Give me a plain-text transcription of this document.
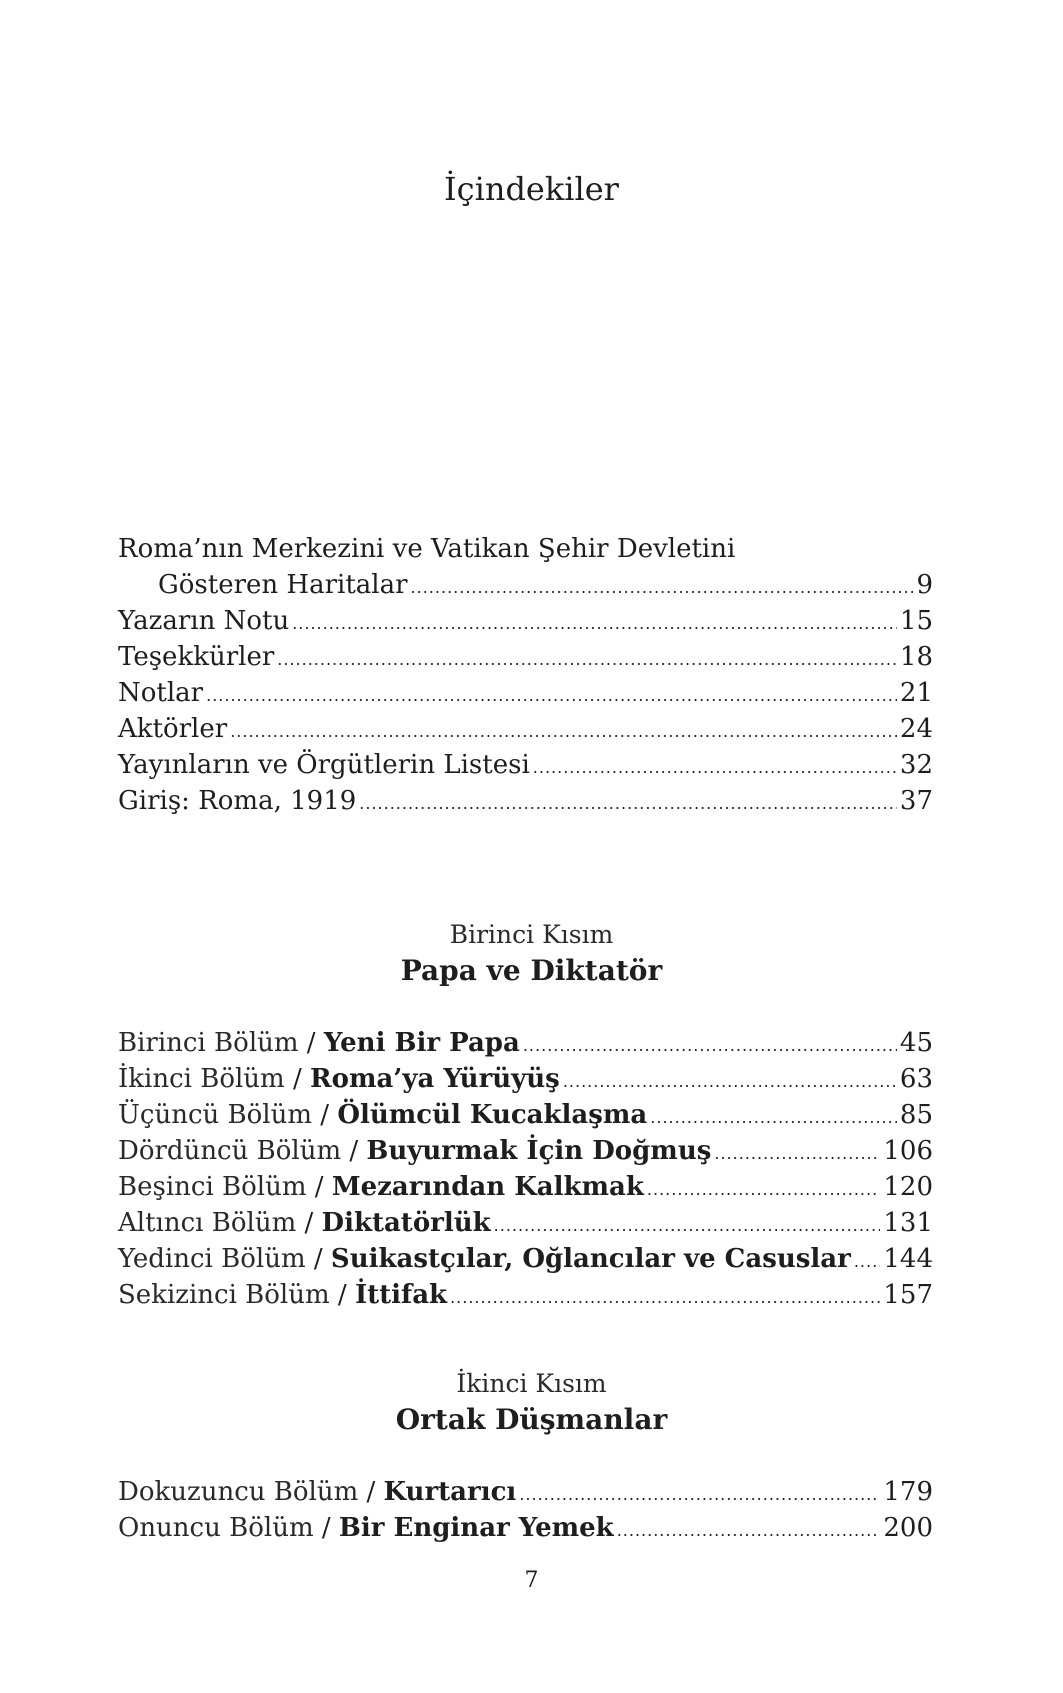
İçindekiler
Roma’nın Merkezini ve Vatikan Şehir Devletini
Gösteren Haritalar .....	9
Yazarın Notu .....	15
Teşekkürler .....	18
Notlar .....	21
Aktörler .....	24
Yayınların ve Örgütlerin Listesi .....	32
Giriş: Roma, 1919 .....	37
Birinci Kısım
Papa ve Diktatör
Birinci Bölüm / Yeni Bir Papa .....	45
İkinci Bölüm / Roma’ya Yürüyüş .....	63
Üçüncü Bölüm / Ölümcül Kucaklaşma .....	85
Dördüncü Bölüm / Buyurmak İçin Doğmuş .....	106
Beşinci Bölüm / Mezarından Kalkmak .....	120
Altıncı Bölüm / Diktatörlük .....	131
Yedinci Bölüm / Suikastçılar, Oğlancılar ve Casuslar ..... 144
Sekizinci Bölüm / İttifak .....	157
İkinci Kısım
Ortak Düşmanlar
Dokuzuncu Bölüm / Kurtarıcı .....	179
Onuncu Bölüm / Bir Enginar Yemek .....	200
7
